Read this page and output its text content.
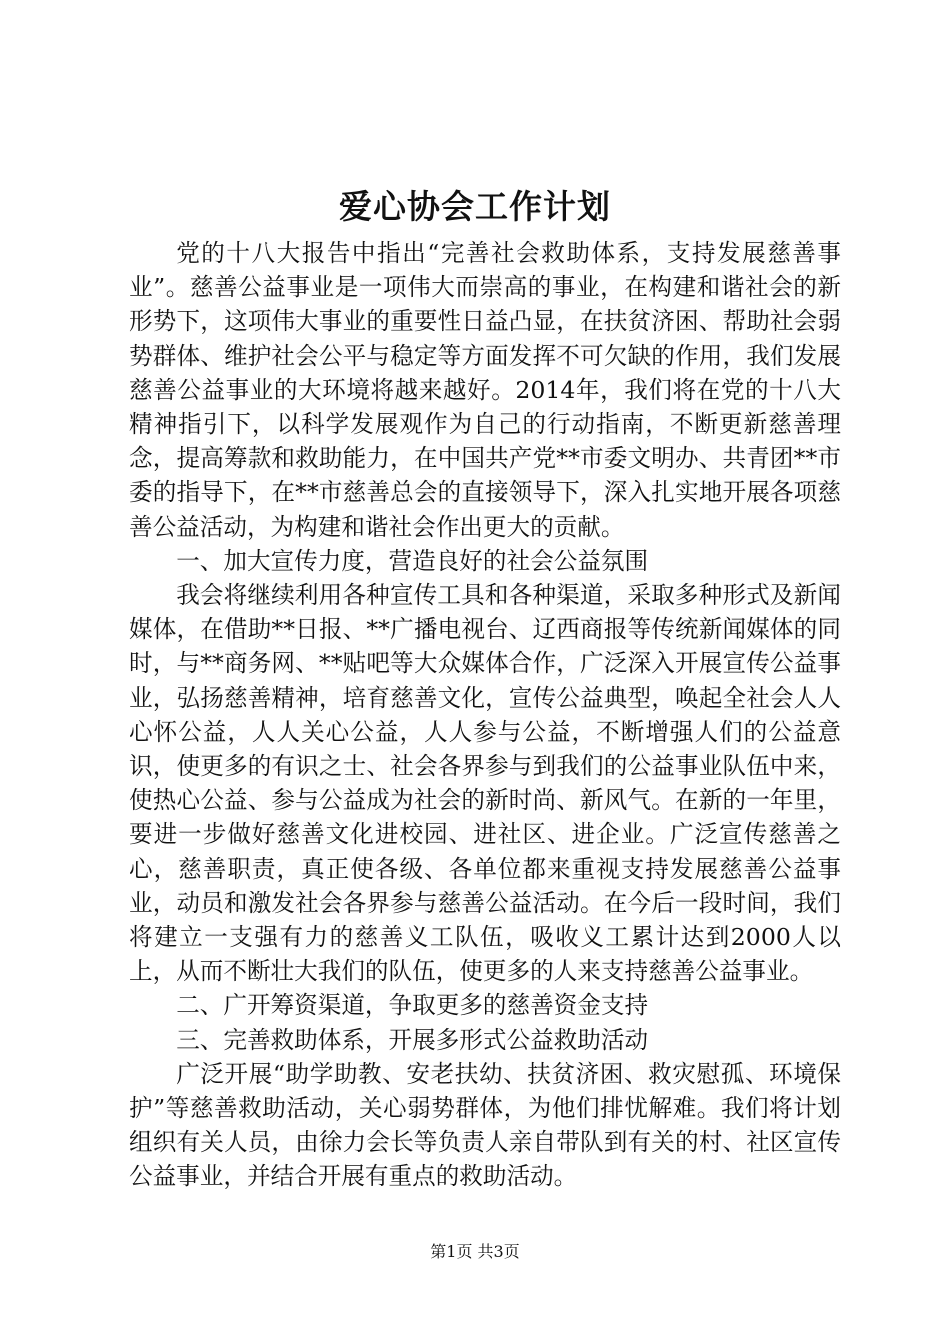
爱心协会工作计划

党的十八大报告中指出“完善社会救助体系，支持发展慈善事业”。慈善公益事业是一项伟大而崇高的事业，在构建和谐社会的新形势下，这项伟大事业的重要性日益凸显，在扶贫济困、帮助社会弱势群体、维护社会公平与稳定等方面发挥不可欠缺的作用，我们发展慈善公益事业的大环境将越来越好。2014年，我们将在党的十八大精神指引下，以科学发展观作为自己的行动指南，不断更新慈善理念，提高筹款和救助能力，在中国共产党**市委文明办、共青团**市委的指导下，在**市慈善总会的直接领导下，深入扎实地开展各项慈善公益活动，为构建和谐社会作出更大的贡献。

一、加大宣传力度，营造良好的社会公益氛围

我会将继续利用各种宣传工具和各种渠道，采取多种形式及新闻媒体，在借助**日报、**广播电视台、辽西商报等传统新闻媒体的同时，与**商务网、**贴吧等大众媒体合作，广泛深入开展宣传公益事业，弘扬慈善精神，培育慈善文化，宣传公益典型，唤起全社会人人心怀公益，人人关心公益，人人参与公益，不断增强人们的公益意识，使更多的有识之士、社会各界参与到我们的公益事业队伍中来，使热心公益、参与公益成为社会的新时尚、新风气。在新的一年里，要进一步做好慈善文化进校园、进社区、进企业。广泛宣传慈善之心，慈善职责，真正使各级、各单位都来重视支持发展慈善公益事业，动员和激发社会各界参与慈善公益活动。在今后一段时间，我们将建立一支强有力的慈善义工队伍，吸收义工累计达到2000人以上，从而不断壮大我们的队伍，使更多的人来支持慈善公益事业。

二、广开筹资渠道，争取更多的慈善资金支持

三、完善救助体系，开展多形式公益救助活动

广泛开展“助学助教、安老扶幼、扶贫济困、救灾慰孤、环境保护”等慈善救助活动，关心弱势群体，为他们排忧解难。我们将计划组织有关人员，由徐力会长等负责人亲自带队到有关的村、社区宣传公益事业，并结合开展有重点的救助活动。

第1页 共3页
